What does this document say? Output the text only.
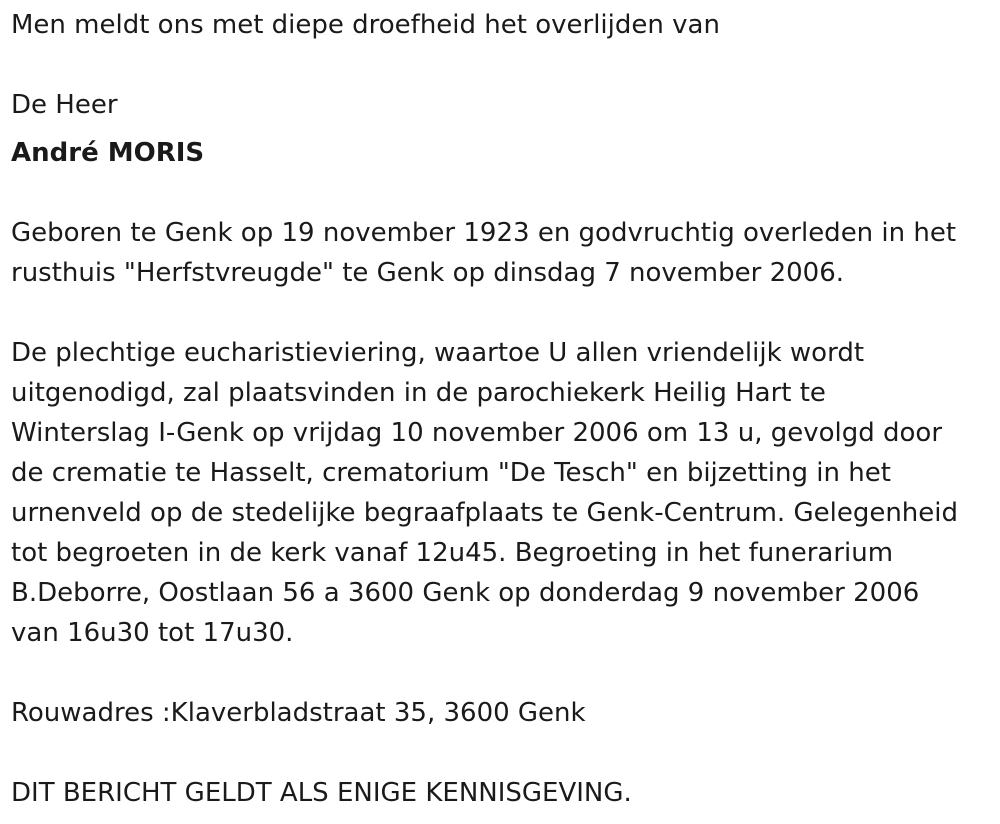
Men meldt ons met diepe droefheid het overlijden van

De Heer

André MORIS

Geboren te Genk op 19 november 1923 en godvruchtig overleden in het

rusthuis "Herfstvreugde" te Genk op dinsdag 7 november 2006.

De plechtige eucharistieviering, waartoe U allen vriendelijk wordt

uitgenodigd, zal plaatsvinden in de parochiekerk Heilig Hart te

Winterslag I-Genk op vrijdag 10 november 2006 om 13 u, gevolgd door

de crematie te Hasselt, crematorium "De Tesch" en bijzetting in het

urnenveld op de stedelijke begraafplaats te Genk-Centrum. Gelegenheid

tot begroeten in de kerk vanaf 12u45. Begroeting in het funerarium

B.Deborre, Oostlaan 56 a 3600 Genk op donderdag 9 november 2006

van 16u30 tot 17u30.

Rouwadres :Klaverbladstraat 35, 3600 Genk

DIT BERICHT GELDT ALS ENIGE KENNISGEVING.
